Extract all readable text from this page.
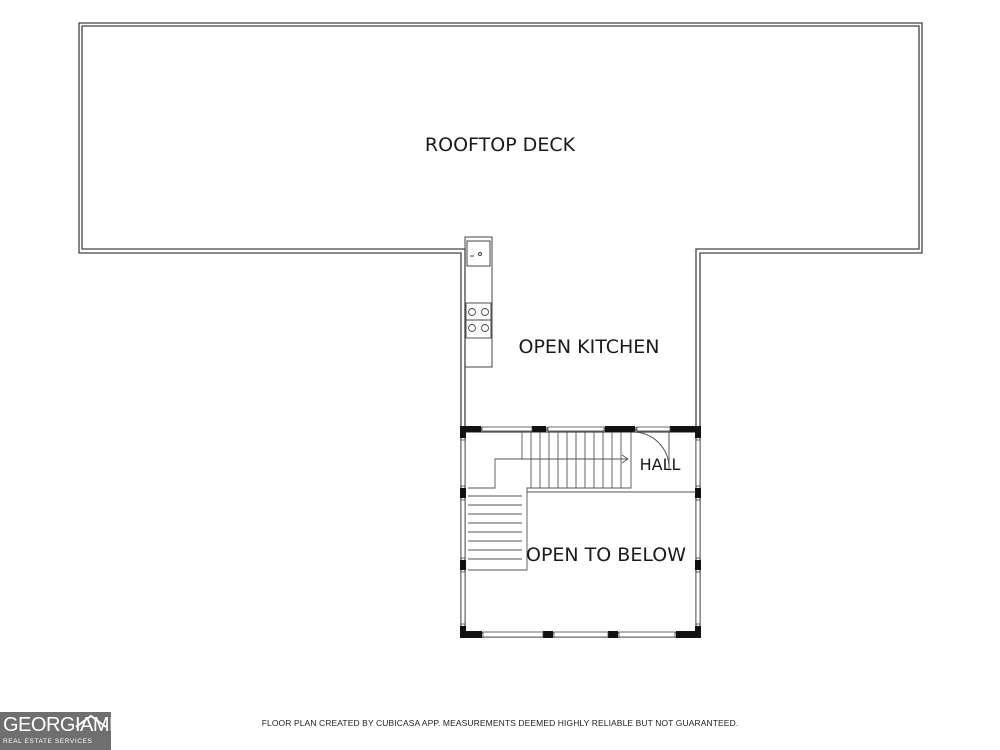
ROOFTOP DECK
OPEN KITCHEN
HALL
OPEN TO BELOW
GEORGIAMLS
REAL ESTATE SERVICES
FLOOR PLAN CREATED BY CUBICASA APP. MEASUREMENTS DEEMED HIGHLY RELIABLE BUT NOT GUARANTEED.
